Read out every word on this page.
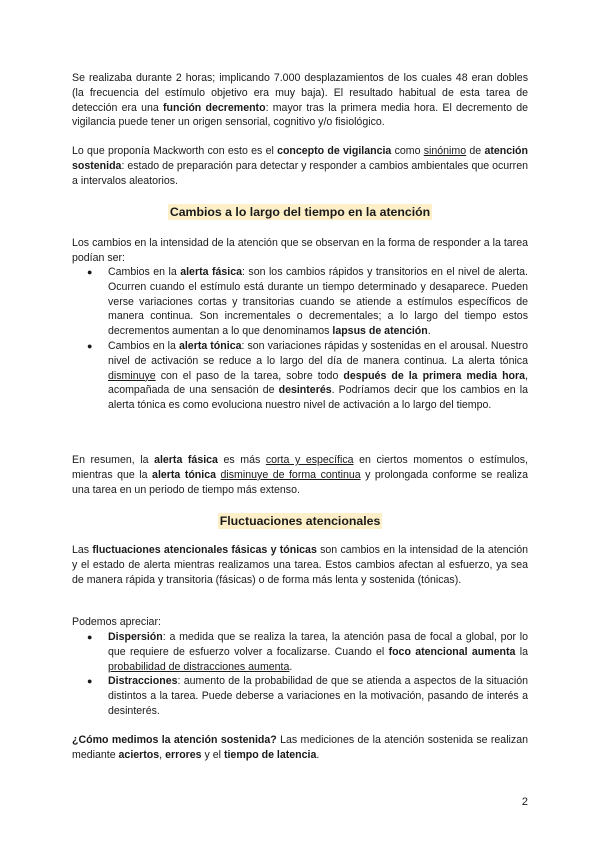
Se realizaba durante 2 horas; implicando 7.000 desplazamientos de los cuales 48 eran dobles (la frecuencia del estímulo objetivo era muy baja). El resultado habitual de esta tarea de detección era una función decremento: mayor tras la primera media hora. El decremento de vigilancia puede tener un origen sensorial, cognitivo y/o fisiológico.

Lo que proponía Mackworth con esto es el concepto de vigilancia como sinónimo de atención sostenida: estado de preparación para detectar y responder a cambios ambientales que ocurren a intervalos aleatorios.

Cambios a lo largo del tiempo en la atención

Los cambios en la intensidad de la atención que se observan en la forma de responder a la tarea podían ser:

● Cambios en la alerta fásica: son los cambios rápidos y transitorios en el nivel de alerta. Ocurren cuando el estímulo está durante un tiempo determinado y desaparece. Pueden verse variaciones cortas y transitorias cuando se atiende a estímulos específicos de manera continua. Son incrementales o decrementales; a lo largo del tiempo estos decrementos aumentan a lo que denominamos lapsus de atención.
● Cambios en la alerta tónica: son variaciones rápidas y sostenidas en el arousal. Nuestro nivel de activación se reduce a lo largo del día de manera continua. La alerta tónica disminuye con el paso de la tarea, sobre todo después de la primera media hora, acompañada de una sensación de desinterés. Podríamos decir que los cambios en la alerta tónica es como evoluciona nuestro nivel de activación a lo largo del tiempo.

En resumen, la alerta fásica es más corta y específica en ciertos momentos o estímulos, mientras que la alerta tónica disminuye de forma continua y prolongada conforme se realiza una tarea en un periodo de tiempo más extenso.

Fluctuaciones atencionales

Las fluctuaciones atencionales fásicas y tónicas son cambios en la intensidad de la atención y el estado de alerta mientras realizamos una tarea. Estos cambios afectan al esfuerzo, ya sea de manera rápida y transitoria (fásicas) o de forma más lenta y sostenida (tónicas).

Podemos apreciar:

● Dispersión: a medida que se realiza la tarea, la atención pasa de focal a global, por lo que requiere de esfuerzo volver a focalizarse. Cuando el foco atencional aumenta la probabilidad de distracciones aumenta.
● Distracciones: aumento de la probabilidad de que se atienda a aspectos de la situación distintos a la tarea. Puede deberse a variaciones en la motivación, pasando de interés a desinterés.

¿Cómo medimos la atención sostenida? Las mediciones de la atención sostenida se realizan mediante aciertos, errores y el tiempo de latencia.

2
